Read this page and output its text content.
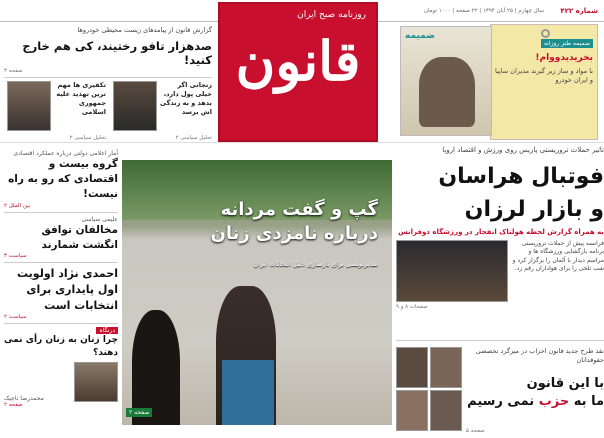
شماره ۴۲۲
سال چهارم | ۲۵ آبان ۱۳۹۴ | ۲۲ صفحه | ۱۰۰۰ تومان
روزنامه صبح ایران
قانون
گزارش قانون از پیامدهای زیست محیطی خودروها
صدهزار تافو رختیند، کی هم خارج کنید!
صفحه ۳
زنجانی اگر خیلی پول دارد، بدهد و به زندگی اش برسد
تحلیل سیاسی ۲
تکفیری ها مهم ترین تهدید علیه جمهوری اسلامی
تحلیل سیاسی ۲
ضمیمه طنز روزانه
بخریدیدووام!
با مواد و ساز زیر گیرند مدیران ساپیا و ایران خودرو
ضمیمه
آمار اعلامی دولتی درباره عملکرد اقتصادی
گروه بیست و اقتصادی که رو به راه نیست!
بین الملل ۲
علیمی سیاسی
مخالفان توافق انگشت شمارند
سیاست ۳
احمدی نژاد اولویت اول پایداری برای انتخابات است
سیاست ۲
درنگاه
چرا زنان به زنان رأی نمی دهند؟
محمدرضا تاجیک
صفحه ۲
گپ و گفت مردانه
درباره نامزدی زنان
نقدبرنویسی برای بازسازی دلیل انتخابات ایران
صفحه ۲
تاثیر حملات تروریستی پاریس روی ورزش و اقتصاد اروپا
فوتبال هراسان
و بازار لرزان
به همراه گزارش لحظه هولناک انفجار در ورزشگاه دوفرانس
فرانسه پیش از حملات تروریستی برنامه بازگشایی ورزشگاه ها و مراسم دیدار با آلمان را برگزار کرد و شب تلخی را برای هواداران رقم زد.
صفحات ۸ و ۹
نقد طرح جدید قانون احزاب در میزگرد تخصصی حقوقدانان
با این قانون
ما به حزب نمی رسیم
صفحه ۵
